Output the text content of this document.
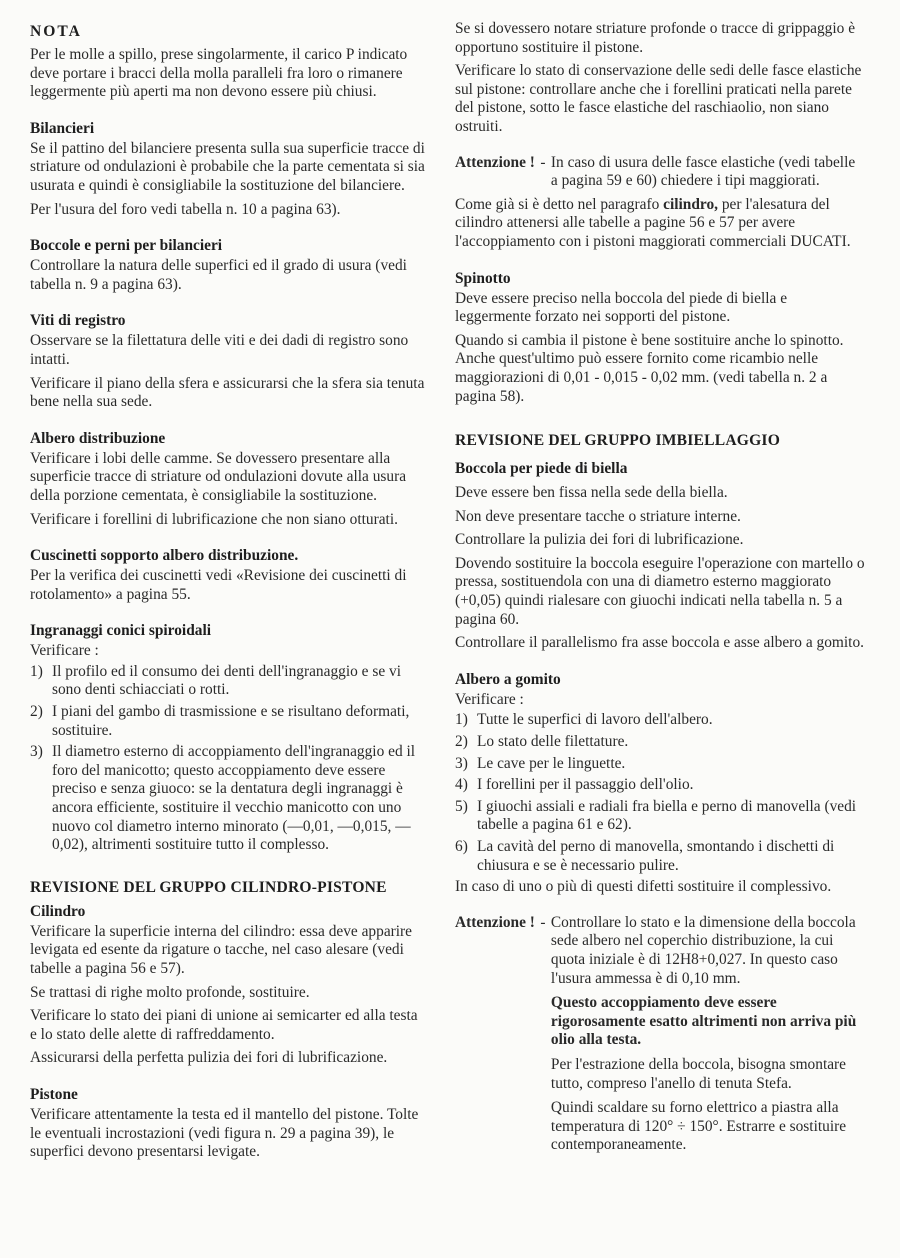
NOTA
Per le molle a spillo, prese singolarmente, il carico P indicato deve portare i bracci della molla paralleli fra loro o rimanere leggermente più aperti ma non devono essere più chiusi.
Bilancieri
Se il pattino del bilanciere presenta sulla sua superficie tracce di striature od ondulazioni è probabile che la parte cementata si sia usurata e quindi è consigliabile la sostituzione del bilanciere.
Per l'usura del foro vedi tabella n. 10 a pagina 63).
Boccole e perni per bilancieri
Controllare la natura delle superfici ed il grado di usura (vedi tabella n. 9 a pagina 63).
Viti di registro
Osservare se la filettatura delle viti e dei dadi di registro sono intatti.
Verificare il piano della sfera e assicurarsi che la sfera sia tenuta bene nella sua sede.
Albero distribuzione
Verificare i lobi delle camme. Se dovessero presentare alla superficie tracce di striature od ondulazioni dovute alla usura della porzione cementata, è consigliabile la sostituzione.
Verificare i forellini di lubrificazione che non siano otturati.
Cuscinetti sopporto albero distribuzione.
Per la verifica dei cuscinetti vedi «Revisione dei cuscinetti di rotolamento» a pagina 55.
Ingranaggi conici spiroidali
Verificare :
1) Il profilo ed il consumo dei denti dell'ingranaggio e se vi sono denti schiacciati o rotti.
2) I piani del gambo di trasmissione e se risultano deformati, sostituire.
3) Il diametro esterno di accoppiamento dell'ingranaggio ed il foro del manicotto; questo accoppiamento deve essere preciso e senza giuoco: se la dentatura degli ingranaggi è ancora efficiente, sostituire il vecchio manicotto con uno nuovo col diametro interno minorato (—0,01, —0,015, —0,02), altrimenti sostituire tutto il complesso.
REVISIONE DEL GRUPPO CILINDRO-PISTONE
Cilindro
Verificare la superficie interna del cilindro: essa deve apparire levigata ed esente da rigature o tacche, nel caso alesare (vedi tabelle a pagina 56 e 57).
Se trattasi di righe molto profonde, sostituire.
Verificare lo stato dei piani di unione ai semicarter ed alla testa e lo stato delle alette di raffreddamento.
Assicurarsi della perfetta pulizia dei fori di lubrificazione.
Pistone
Verificare attentamente la testa ed il mantello del pistone. Tolte le eventuali incrostazioni (vedi figura n. 29 a pagina 39), le superfici devono presentarsi levigate.
Se si dovessero notare striature profonde o tracce di grippaggio è opportuno sostituire il pistone.
Verificare lo stato di conservazione delle sedi delle fasce elastiche sul pistone: controllare anche che i forellini praticati nella parete del pistone, sotto le fasce elastiche del raschiaolio, non siano ostruiti.
Attenzione ! - In caso di usura delle fasce elastiche (vedi tabelle a pagina 59 e 60) chiedere i tipi maggiorati.
Come già si è detto nel paragrafo cilindro, per l'alesatura del cilindro attenersi alle tabelle a pagine 56 e 57 per avere l'accoppiamento con i pistoni maggiorati commerciali DUCATI.
Spinotto
Deve essere preciso nella boccola del piede di biella e leggermente forzato nei sopporti del pistone.
Quando si cambia il pistone è bene sostituire anche lo spinotto. Anche quest'ultimo può essere fornito come ricambio nelle maggiorazioni di 0,01 - 0,015 - 0,02 mm. (vedi tabella n. 2 a pagina 58).
REVISIONE DEL GRUPPO IMBIELLAGGIO
Boccola per piede di biella
Deve essere ben fissa nella sede della biella.
Non deve presentare tacche o striature interne.
Controllare la pulizia dei fori di lubrificazione.
Dovendo sostituire la boccola eseguire l'operazione con martello o pressa, sostituendola con una di diametro esterno maggiorato (+0,05) quindi rialesare con giuochi indicati nella tabella n. 5 a pagina 60.
Controllare il parallelismo fra asse boccola e asse albero a gomito.
Albero a gomito
Verificare :
1) Tutte le superfici di lavoro dell'albero.
2) Lo stato delle filettature.
3) Le cave per le linguette.
4) I forellini per il passaggio dell'olio.
5) I giuochi assiali e radiali fra biella e perno di manovella (vedi tabelle a pagina 61 e 62).
6) La cavità del perno di manovella, smontando i dischetti di chiusura e se è necessario pulire.
In caso di uno o più di questi difetti sostituire il complessivo.
Attenzione ! - Controllare lo stato e la dimensione della boccola sede albero nel coperchio distribuzione, la cui quota iniziale è di 12H8+0,027. In questo caso l'usura ammessa è di 0,10 mm.
Questo accoppiamento deve essere rigorosamente esatto altrimenti non arriva più olio alla testa.
Per l'estrazione della boccola, bisogna smontare tutto, compreso l'anello di tenuta Stefa.
Quindi scaldare su forno elettrico a piastra alla temperatura di 120° ÷ 150°. Estrarre e sostituire contemporaneamente.
